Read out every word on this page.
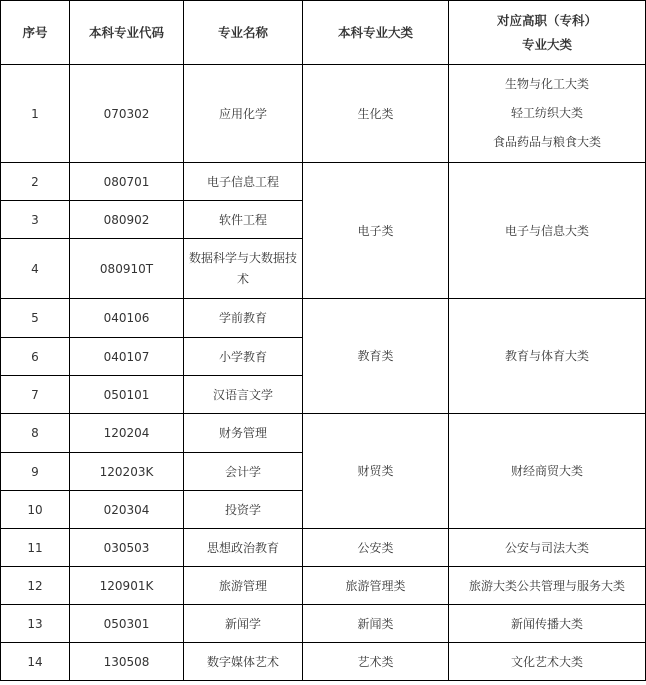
序号	本科专业代码	专业名称	本科专业大类	对应高职（专科）
专业大类
1	070302	应用化学	生化类	生物与化工大类
轻工纺织大类
食品药品与粮食大类
2	080701	电子信息工程	电子类	电子与信息大类
3	080902	软件工程		
4	080910T	数据科学与大数据技术		
5	040106	学前教育	教育类	教育与体育大类
6	040107	小学教育		
7	050101	汉语言文学		
8	120204	财务管理	财贸类	财经商贸大类
9	120203K	会计学		
10	020304	投资学		
11	030503	思想政治教育	公安类	公安与司法大类
12	120901K	旅游管理	旅游管理类	旅游大类公共管理与服务大类
13	050301	新闻学	新闻类	新闻传播大类
14	130508	数字媒体艺术	艺术类	文化艺术大类
